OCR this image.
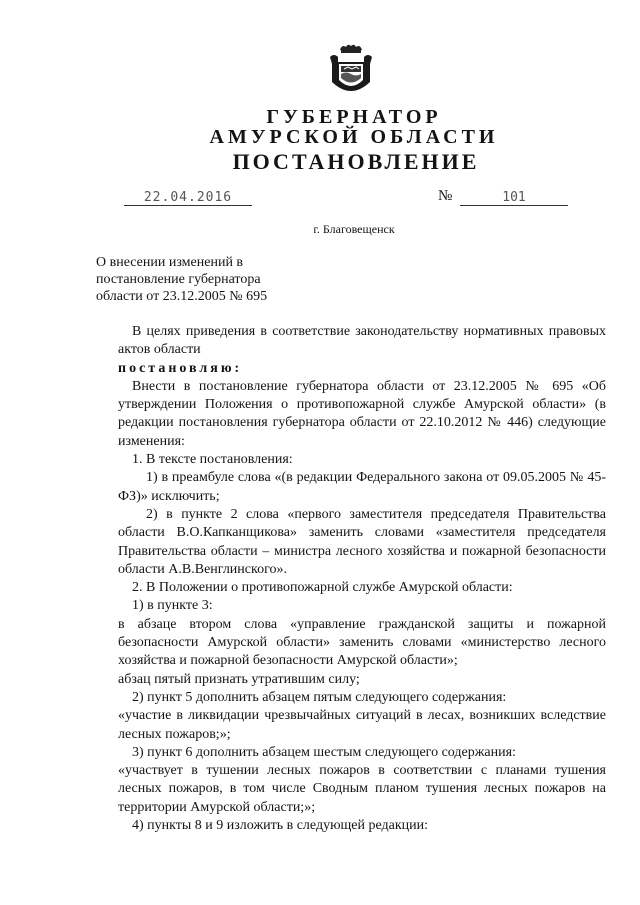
ГУБЕРНАТОР
АМУРСКОЙ ОБЛАСТИ
ПОСТАНОВЛЕНИЕ
22.04.2016	№	101
г. Благовещенск
О внесении изменений в
постановление губернатора
области от 23.12.2005 № 695
В целях приведения в соответствие законодательству нормативных правовых актов области
постановляю:
Внести в постановление губернатора области от 23.12.2005 № 695 «Об утверждении Положения о противопожарной службе Амурской области» (в редакции постановления губернатора области от 22.10.2012 № 446) следующие изменения:
1. В тексте постановления:
1) в преамбуле слова «(в редакции Федерального закона от 09.05.2005 № 45-ФЗ)» исключить;
2) в пункте 2 слова «первого заместителя председателя Правительства области В.О.Капканщикова» заменить словами «заместителя председателя Правительства области – министра лесного хозяйства и пожарной безопасности области А.В.Венглинского».
2. В Положении о противопожарной службе Амурской области:
1) в пункте 3:
в абзаце втором слова «управление гражданской защиты и пожарной безопасности Амурской области» заменить словами «министерство лесного хозяйства и пожарной безопасности Амурской области»;
абзац пятый признать утратившим силу;
2) пункт 5 дополнить абзацем пятым следующего содержания:
«участие в ликвидации чрезвычайных ситуаций в лесах, возникших вследствие лесных пожаров;»;
3) пункт 6 дополнить абзацем шестым следующего содержания:
«участвует в тушении лесных пожаров в соответствии с планами тушения лесных пожаров, в том числе Сводным планом тушения лесных пожаров на территории Амурской области;»;
4) пункты 8 и 9 изложить в следующей редакции:
